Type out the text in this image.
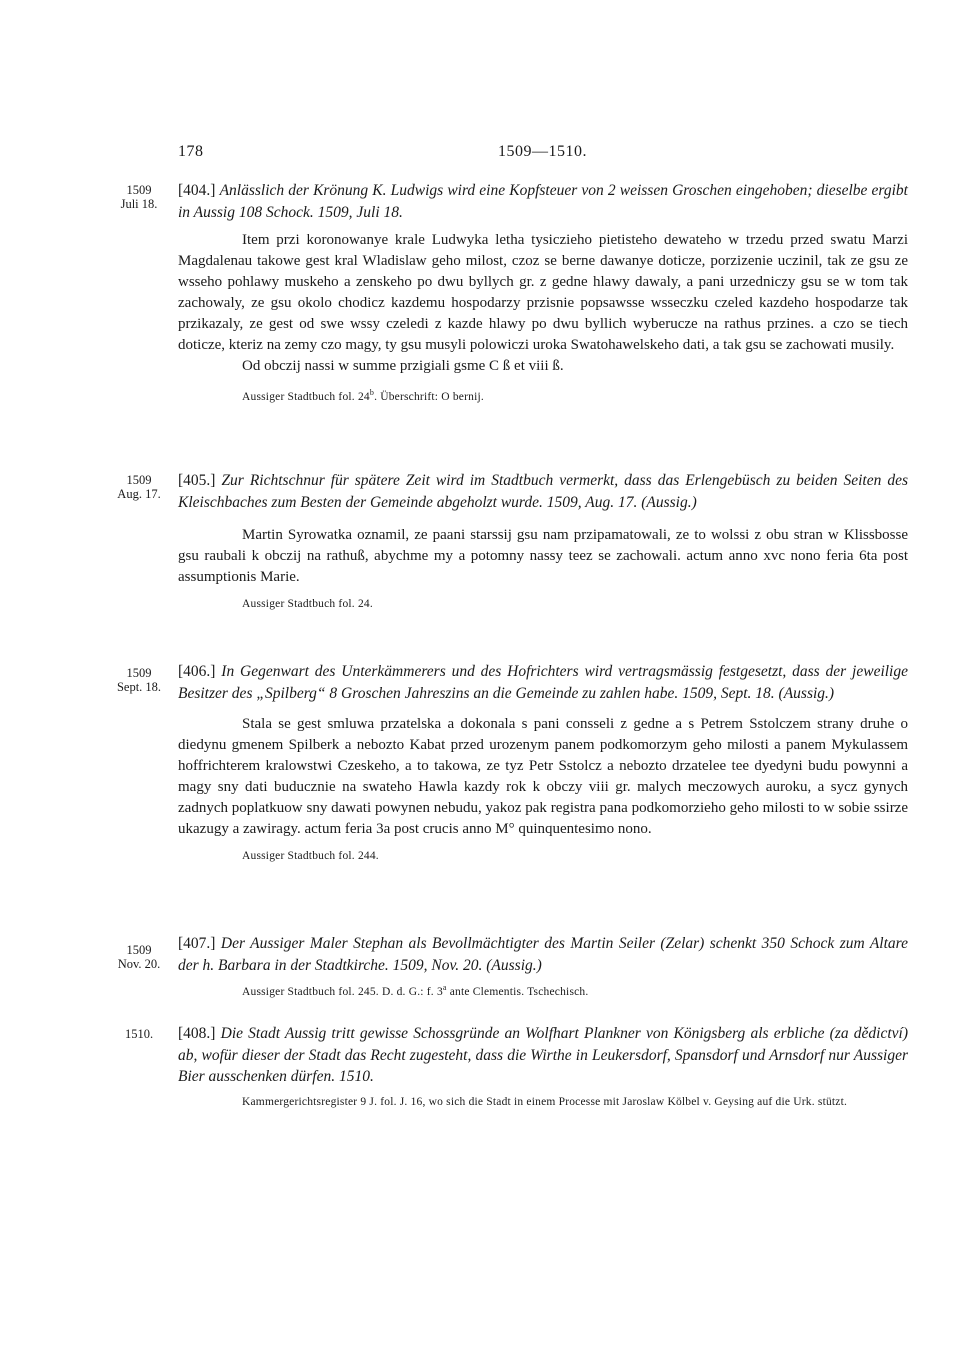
178	1509—1510.
1509
Juli 18.

[404.] Anlässlich der Krönung K. Ludwigs wird eine Kopfsteuer von 2 weissen Groschen eingehoben; dieselbe ergibt in Aussig 108 Schock. 1509, Juli 18.

Item przi koronowanye krale Ludwyka letha tysiczieho pietisteho dewateho w trzedu przed swatu Marzi Magdalenau takowe gest kral Wladislaw geho milost, czoz se berne dawanye doticze, porzizenie uczinil, tak ze gsu ze wsseho pohlawy muskeho a zenskeho po dwu byllych gr. z gedne hlawy dawaly, a pani urzedniczy gsu se w tom tak zachowaly, ze gsu okolo chodicz kazdemu hospodarzy przisnie popsawsse wsseczku czeled kazdeho hospodarze tak przikazaly, ze gest od swe wssy czeledi z kazde hlawy po dwu byllich wyberucze na rathus przines. a czo se tiech doticze, kteriz na zemy czo magy, ty gsu musyli polowiczi uroka Swatohawelskeho dati, a tak gsu se zachowati musily.

Od obczij nassi w summe przigiali gsme C ß et viii ß.

Aussiger Stadtbuch fol. 24$^b$. Überschrift: O bernij.
1509
Aug. 17.

[405.] Zur Richtschnur für spätere Zeit wird im Stadtbuch vermerkt, dass das Erlengebüsch zu beiden Seiten des Kleischbaches zum Besten der Gemeinde abgeholzt wurde. 1509, Aug. 17. (Aussig.)

Martin Syrowatka oznamil, ze paani starssij gsu nam przipamatowali, ze to wolssi z obu stran w Klissbosse gsu raubali k obczij na rathuß, abychme my a potomny nassy teez se zachowali. actum anno xvc nono feria 6ta post assumptionis Marie.

Aussiger Stadtbuch fol. 24.
1509
Sept. 18.

[406.] In Gegenwart des Unterkämmerers und des Hofrichters wird vertragsmässig festgesetzt, dass der jeweilige Besitzer des „Spilberg“ 8 Groschen Jahreszins an die Gemeinde zu zahlen habe. 1509, Sept. 18. (Aussig.)

Stala se gest smluwa przatelska a dokonala s pani consseli z gedne a s Petrem Sstolczem strany druhe o diedynu gmenem Spilberk a nebozto Kabat przed urozenym panem podkomorzym geho milosti a panem Mykulassem hoffrichterem kralowstwi Czeskeho, a to takowa, ze tyz Petr Sstolcz a nebozto drzatelee tee dyedyni budu powynni a magy sny dati buducznie na swateho Hawla kazdy rok k obczy viii gr. malych meczowych auroku, a sycz gynych zadnych poplatkuow sny dawati powynen nebudu, yakoz pak registra pana podkomorzieho geho milosti to w sobie ssirze ukazugy a zawiragy. actum feria 3a post crucis anno M° quinquentesimo nono.

Aussiger Stadtbuch fol. 244.
1509
Nov. 20.

[407.] Der Aussiger Maler Stephan als Bevollmächtigter des Martin Seiler (Zelar) schenkt 350 Schock zum Altare der h. Barbara in der Stadtkirche. 1509, Nov. 20. (Aussig.)

Aussiger Stadtbuch fol. 245. D. d. G.: f. 3$^a$ ante Clementis. Tschechisch.
1510.	[408.] Die Stadt Aussig tritt gewisse Schossgründe an Wolfhart Plankner von Königsberg als erbliche (za dědictví) ab, wofür dieser der Stadt das Recht zugesteht, dass die Wirthe in Leukersdorf, Spansdorf und Arnsdorf nur Aussiger Bier ausschenken dürfen. 1510.

Kammergerichtsregister 9 J. fol. J. 16, wo sich die Stadt in einem Processe mit Jaroslaw Kölbel v. Geysing auf die Urk. stützt.
